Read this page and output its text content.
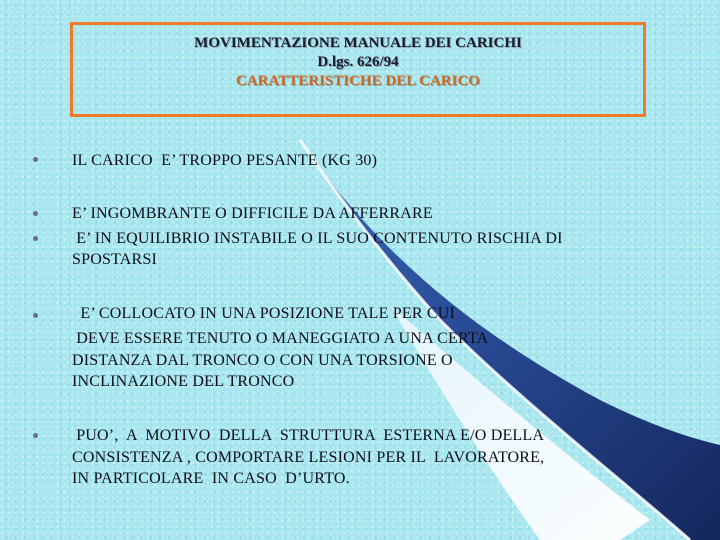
MOVIMENTAZIONE MANUALE DEI CARICHI

D.lgs. 626/94

CARATTERISTICHE DEL CARICO

IL CARICO  E’ TROPPO PESANTE (KG 30)

E’ INGOMBRANTE O DIFFICILE DA AFFERRARE

E’ IN EQUILIBRIO INSTABILE O IL SUO CONTENUTO RISCHIA DI

SPOSTARSI

E’ COLLOCATO IN UNA POSIZIONE TALE PER CUI

DEVE ESSERE TENUTO O MANEGGIATO A UNA CERTA

DISTANZA DAL TRONCO O CON UNA TORSIONE O

INCLINAZIONE DEL TRONCO

PUO’,  A  MOTIVO  DELLA  STRUTTURA  ESTERNA E/O DELLA

CONSISTENZA , COMPORTARE LESIONI PER IL  LAVORATORE,

IN PARTICOLARE  IN CASO  D’URTO.
